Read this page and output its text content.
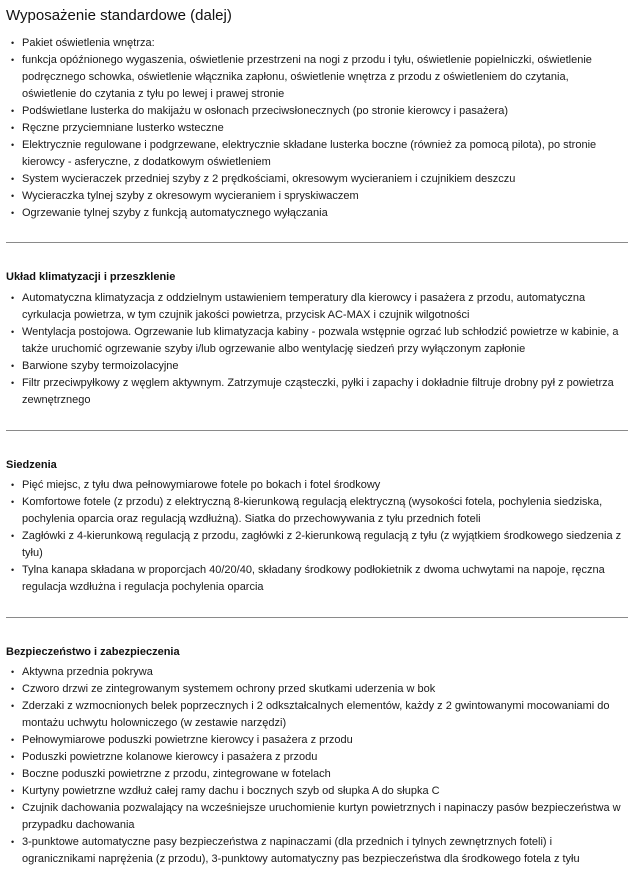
Wyposażenie standardowe (dalej)
• Pakiet oświetlenia wnętrza:
• funkcja opóźnionego wygaszenia, oświetlenie przestrzeni na nogi z przodu i tyłu, oświetlenie popielniczki, oświetlenie podręcznego schowka, oświetlenie włącznika zapłonu, oświetlenie wnętrza z przodu z oświetleniem do czytania, oświetlenie do czytania z tyłu po lewej i prawej stronie
• Podświetlane lusterka do makijażu w osłonach przeciwsłonecznych (po stronie kierowcy i pasażera)
• Ręczne przyciemniane lusterko wsteczne
• Elektrycznie regulowane i podgrzewane, elektrycznie składane lusterka boczne (również za pomocą pilota), po stronie kierowcy - asferyczne, z dodatkowym oświetleniem
• System wycieraczek przedniej szyby z 2 prędkościami, okresowym wycieraniem i czujnikiem deszczu
• Wycieraczka tylnej szyby z okresowym wycieraniem i spryskiwaczem
• Ogrzewanie tylnej szyby z funkcją automatycznego wyłączania
Układ klimatyzacji i przeszklenie
• Automatyczna klimatyzacja z oddzielnym ustawieniem temperatury dla kierowcy i pasażera z przodu, automatyczna cyrkulacja powietrza, w tym czujnik jakości powietrza, przycisk AC-MAX i czujnik wilgotności
• Wentylacja postojowa. Ogrzewanie lub klimatyzacja kabiny - pozwala wstępnie ogrzać lub schłodzić powietrze w kabinie, a także uruchomić ogrzewanie szyby i/lub ogrzewanie albo wentylację siedzeń przy wyłączonym zapłonie
• Barwione szyby termoizolacyjne
• Filtr przeciwpyłkowy z węglem aktywnym. Zatrzymuje cząsteczki, pyłki i zapachy i dokładnie filtruje drobny pył z powietrza zewnętrznego
Siedzenia
• Pięć miejsc, z tyłu dwa pełnowymiarowe fotele po bokach i fotel środkowy
• Komfortowe fotele (z przodu) z elektryczną 8-kierunkową regulacją elektryczną (wysokości fotela, pochylenia siedziska, pochylenia oparcia oraz regulacją wzdłużną). Siatka do przechowywania z tyłu przednich foteli
• Zagłówki z 4-kierunkową regulacją z przodu, zagłówki z 2-kierunkową regulacją z tyłu (z wyjątkiem środkowego siedzenia z tyłu)
• Tylna kanapa składana w proporcjach 40/20/40, składany środkowy podłokietnik z dwoma uchwytami na napoje, ręczna regulacja wzdłużna i regulacja pochylenia oparcia
Bezpieczeństwo i zabezpieczenia
• Aktywna przednia pokrywa
• Czworo drzwi ze zintegrowanym systemem ochrony przed skutkami uderzenia w bok
• Zderzaki z wzmocnionych belek poprzecznych i 2 odkształcalnych elementów, każdy z 2 gwintowanymi mocowaniami do montażu uchwytu holowniczego (w zestawie narzędzi)
• Pełnowymiarowe poduszki powietrzne kierowcy i pasażera z przodu
• Poduszki powietrzne kolanowe kierowcy i pasażera z przodu
• Boczne poduszki powietrzne z przodu, zintegrowane w fotelach
• Kurtyny powietrzne wzdłuż całej ramy dachu i bocznych szyb od słupka A do słupka C
• Czujnik dachowania pozwalający na wcześniejsze uruchomienie kurtyn powietrznych i napinaczy pasów bezpieczeństwa w przypadku dachowania
• 3-punktowe automatyczne pasy bezpieczeństwa z napinaczami (dla przednich i tylnych zewnętrznych foteli) i ogranicznikami naprężenia (z przodu), 3-punktowy automatyczny pas bezpieczeństwa dla środkowego fotela z tyłu
